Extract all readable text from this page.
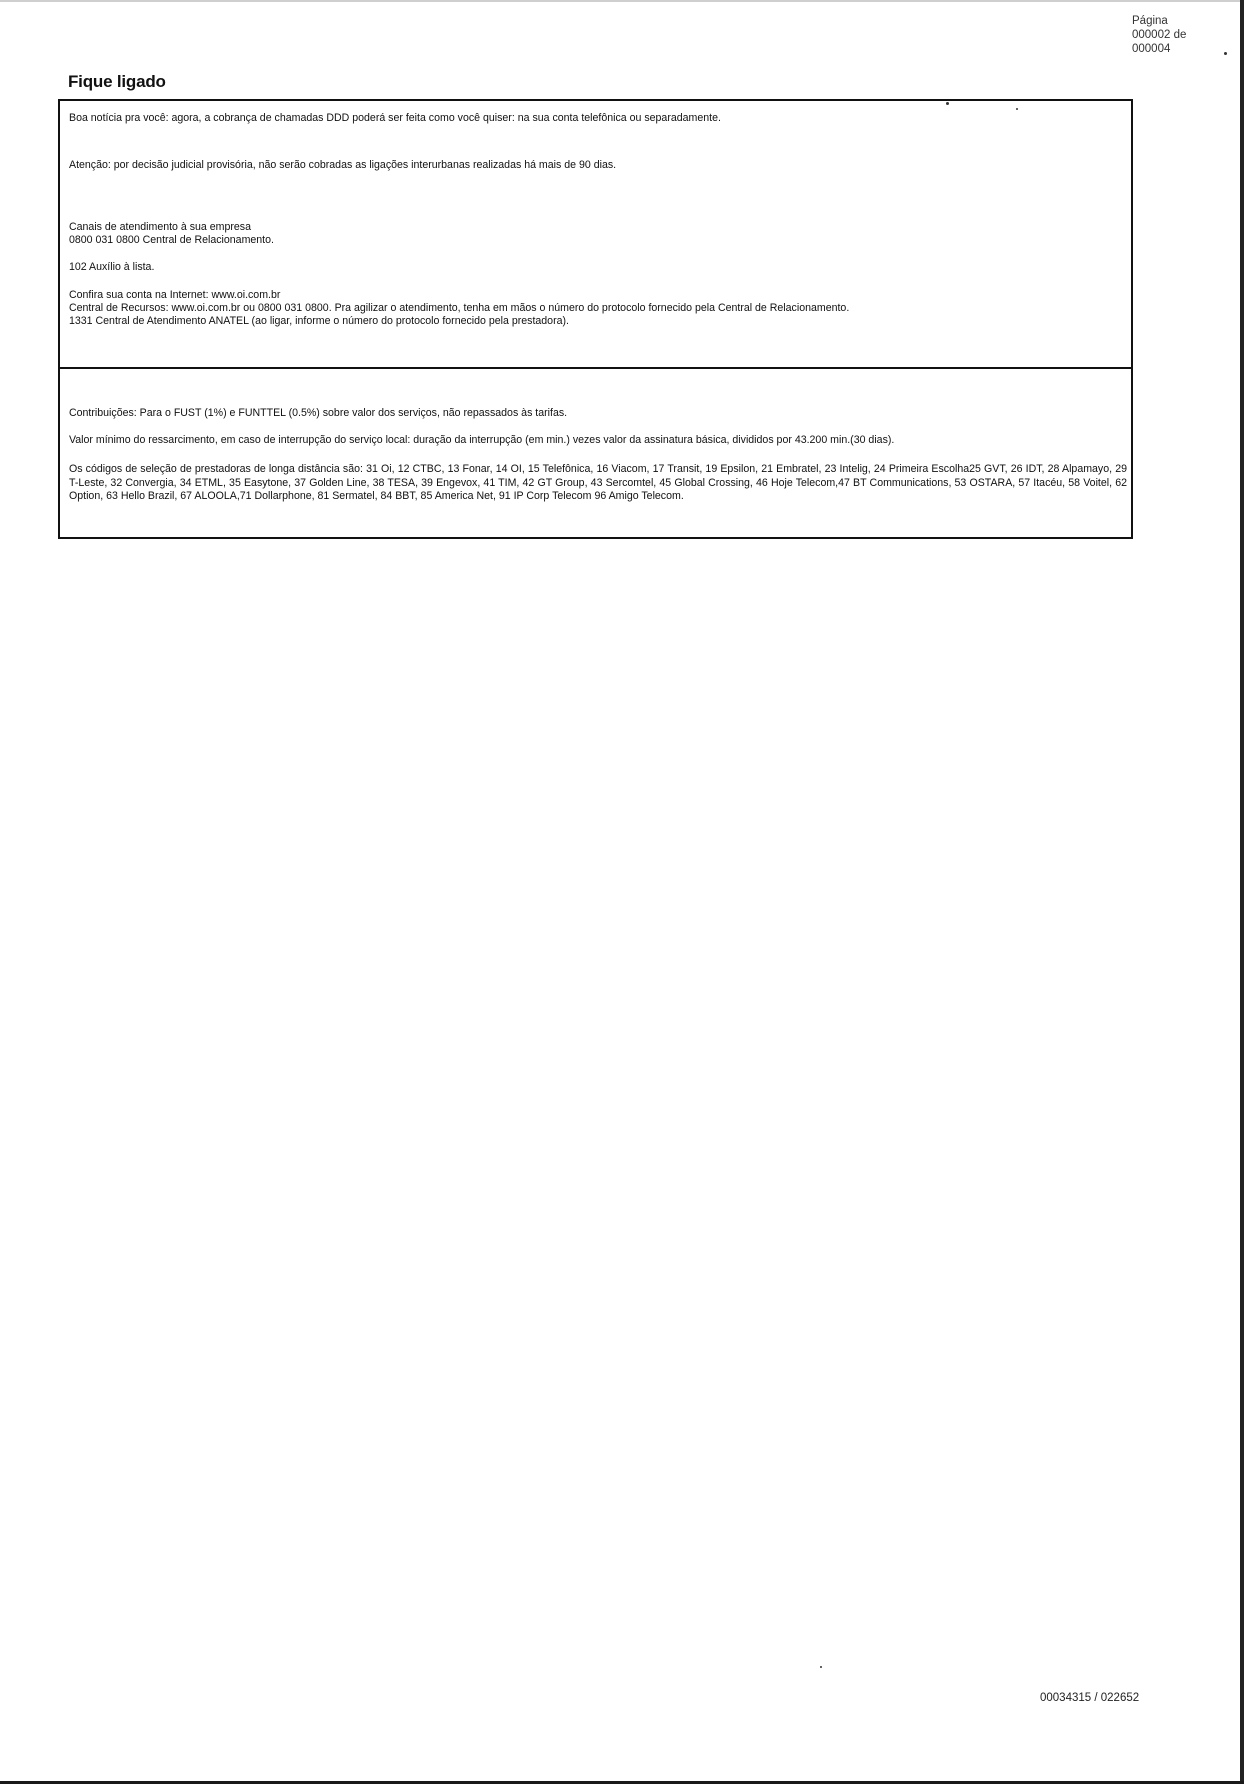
Página
000002 de
000004
Fique ligado
Boa notícia pra você: agora, a cobrança de chamadas DDD poderá ser feita como você quiser: na sua conta telefônica ou separadamente.
Atenção: por decisão judicial provisória, não serão cobradas as ligações interurbanas realizadas há mais de 90 dias.
Canais de atendimento à sua empresa
0800 031 0800 Central de Relacionamento.
102 Auxílio à lista.
Confira sua conta na Internet: www.oi.com.br
Central de Recursos: www.oi.com.br ou 0800 031 0800. Pra agilizar o atendimento, tenha em mãos o número do protocolo fornecido pela Central de Relacionamento.
1331 Central de Atendimento ANATEL (ao ligar, informe o número do protocolo fornecido pela prestadora).
Contribuições: Para o FUST (1%) e FUNTTEL (0.5%) sobre valor dos serviços, não repassados às tarifas.
Valor mínimo do ressarcimento, em caso de interrupção do serviço local: duração da interrupção (em min.) vezes valor da assinatura básica, divididos por 43.200 min.(30 dias).
Os códigos de seleção de prestadoras de longa distância são: 31 Oi, 12 CTBC, 13 Fonar, 14 OI, 15 Telefônica, 16 Viacom, 17 Transit, 19 Epsilon, 21 Embratel, 23 Intelig, 24 Primeira Escolha25 GVT, 26 IDT, 28 Alpamayo, 29 T-Leste, 32 Convergia, 34 ETML, 35 Easytone, 37 Golden Line, 38 TESA, 39 Engevox, 41 TIM, 42 GT Group, 43 Sercomtel, 45 Global Crossing, 46 Hoje Telecom,47 BT Communications, 53 OSTARA, 57 Itacéu, 58 Voitel, 62 Option, 63 Hello Brazil, 67 ALOOLA,71 Dollarphone, 81 Sermatel, 84 BBT, 85 America Net, 91 IP Corp Telecom 96 Amigo Telecom.
00034315 / 022652
